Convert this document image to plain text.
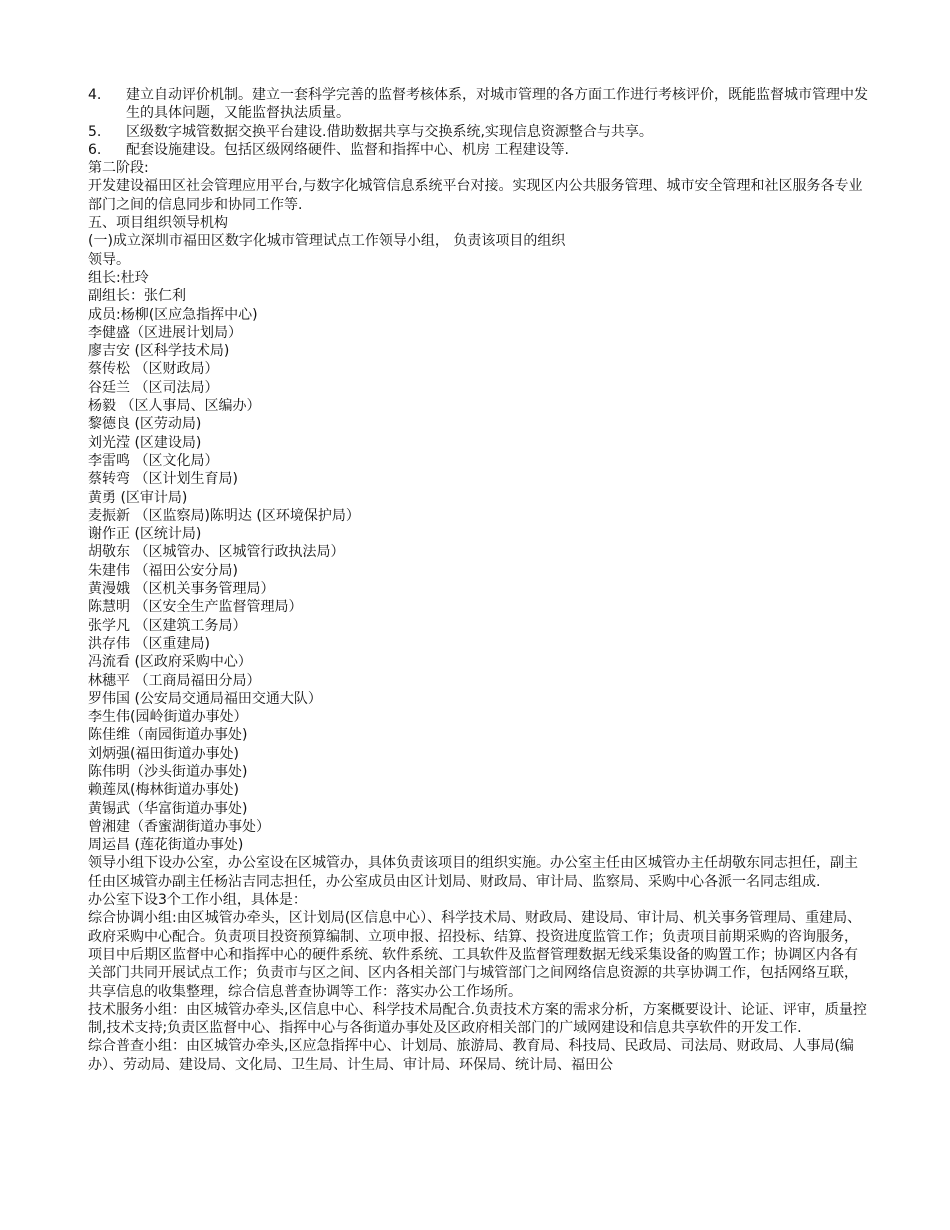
4.	建立自动评价机制。建立一套科学完善的监督考核体系，对城市管理的各方面工作进行考核评价，既能监督城市管理中发生的具体问题，又能监督执法质量。
5.	区级数字城管数据交换平台建设.借助数据共享与交换系统,实现信息资源整合与共享。
6.	配套设施建设。包括区级网络硬件、监督和指挥中心、机房 工程建设等.

第二阶段:

开发建设福田区社会管理应用平台,与数字化城管信息系统平台对接。实现区内公共服务管理、城市安全管理和社区服务各专业部门之间的信息同步和协同工作等.

五、项目组织领导机构

(一)成立深圳市福田区数字化城市管理试点工作领导小组， 负责该项目的组织

领导。

组长:杜玲

副组长：张仁利

成员:杨柳(区应急指挥中心)

李健盛（区进展计划局）

廖吉安 (区科学技术局)

蔡传松 （区财政局）

谷廷兰 （区司法局）

杨毅 （区人事局、区编办）

黎德良 (区劳动局)

刘光滢 (区建设局)

李雷鸣 （区文化局）

蔡转弯 （区计划生育局)

黄勇 (区审计局)

麦振新 （区监察局)陈明达 (区环境保护局）

谢作正 (区统计局)

胡敬东 （区城管办、区城管行政执法局）

朱建伟 （福田公安分局)

黄漫娥 （区机关事务管理局）

陈慧明 （区安全生产监督管理局）

张学凡 （区建筑工务局）

洪存伟 （区重建局)

冯流看 (区政府采购中心）

林穗平 （工商局福田分局）

罗伟国 (公安局交通局福田交通大队）

李生伟(园岭街道办事处）

陈佳维（南园街道办事处)

刘炳强(福田街道办事处)

陈伟明（沙头街道办事处)

赖莲凤(梅林街道办事处)

黄锡武（华富街道办事处)

曾湘建（香蜜湖街道办事处）

周运昌 (莲花街道办事处)

领导小组下设办公室，办公室设在区城管办，具体负责该项目的组织实施。办公室主任由区城管办主任胡敬东同志担任，副主任由区城管办副主任杨沾吉同志担任，办公室成员由区计划局、财政局、审计局、监察局、采购中心各派一名同志组成.

办公室下设3个工作小组，具体是：

综合协调小组:由区城管办牵头，区计划局(区信息中心）、科学技术局、财政局、建设局、审计局、机关事务管理局、重建局、政府采购中心配合。负责项目投资预算编制、立项申报、招投标、结算、投资进度监管工作；负责项目前期采购的咨询服务，项目中后期区监督中心和指挥中心的硬件系统、软件系统、工具软件及监督管理数据无线采集设备的购置工作；协调区内各有关部门共同开展试点工作；负责市与区之间、区内各相关部门与城管部门之间网络信息资源的共享协调工作，包括网络互联，共享信息的收集整理，综合信息普查协调等工作：落实办公工作场所。

技术服务小组：由区城管办牵头,区信息中心、科学技术局配合.负责技术方案的需求分析，方案概要设计、论证、评审，质量控制,技术支持;负责区监督中心、指挥中心与各街道办事处及区政府相关部门的广域网建设和信息共享软件的开发工作.

综合普查小组：由区城管办牵头,区应急指挥中心、计划局、旅游局、教育局、科技局、民政局、司法局、财政局、人事局(编办）、劳动局、建设局、文化局、卫生局、计生局、审计局、环保局、统计局、福田公
